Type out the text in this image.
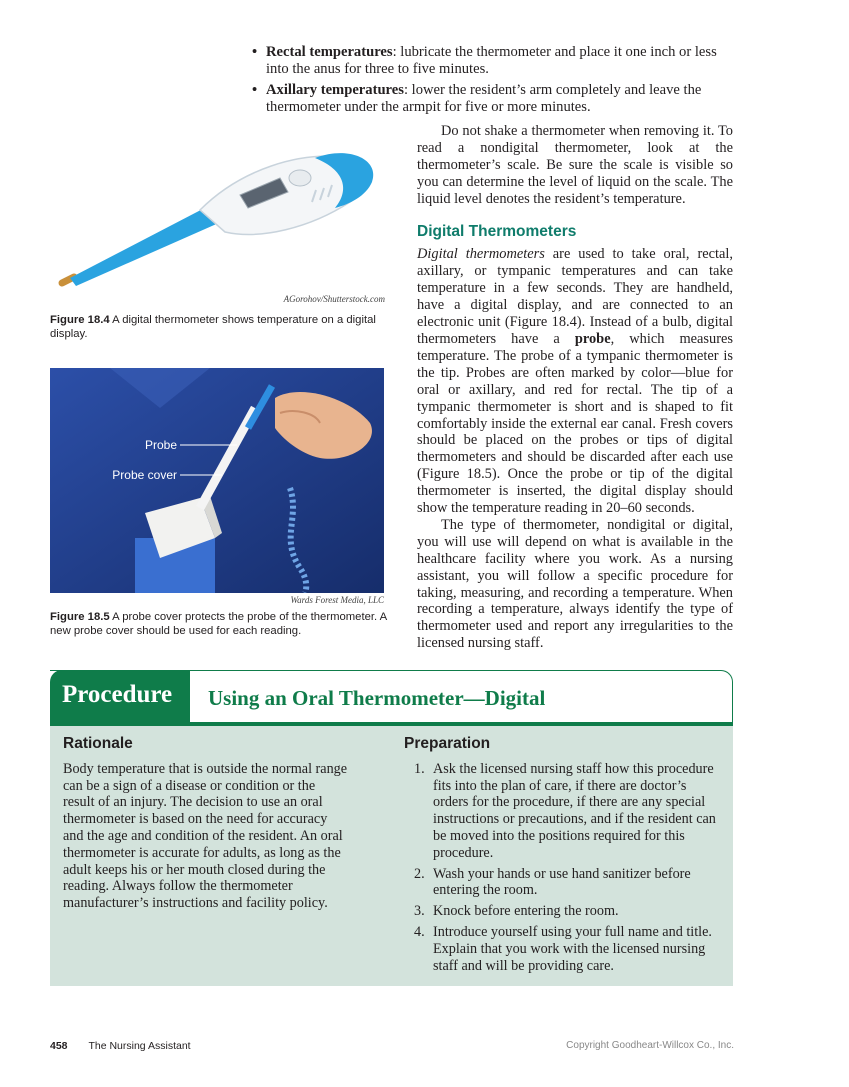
• Rectal temperatures: lubricate the thermometer and place it one inch or less into the anus for three to five minutes.
• Axillary temperatures: lower the resident’s arm completely and leave the thermometer under the armpit for five or more minutes.
AGorohov/Shutterstock.com
Figure 18.4 A digital thermometer shows temperature on a digital display.
Probe
Probe cover
Wards Forest Media, LLC
Figure 18.5 A probe cover protects the probe of the thermometer. A new probe cover should be used for each reading.

Do not shake a thermometer when removing it. To read a nondigital thermometer, look at the thermometer’s scale. Be sure the scale is visible so you can determine the level of liquid on the scale. The liquid level denotes the resident’s temperature.

Digital Thermometers

Digital thermometers are used to take oral, rectal, axillary, or tympanic temperatures and can take temperature in a few seconds. They are handheld, have a digital display, and are connected to an electronic unit (Figure 18.4). Instead of a bulb, digital thermometers have a probe, which measures temperature. The probe of a tympanic thermometer is the tip. Probes are often marked by color—blue for oral or axillary, and red for rectal. The tip of a tympanic thermometer is short and is shaped to fit comfortably inside the external ear canal. Fresh covers should be placed on the probes or tips of digital thermometers and should be discarded after each use (Figure 18.5). Once the probe or tip of the digital thermometer is inserted, the digital display should show the temperature reading in 20–60 seconds.

The type of thermometer, nondigital or digital, you will use will depend on what is available in the healthcare facility where you work. As a nursing assistant, you will follow a specific procedure for taking, measuring, and recording a temperature. When recording a temperature, always identify the type of thermometer used and report any irregularities to the licensed nursing staff.

Procedure Using an Oral Thermometer—Digital
Rationale
Body temperature that is outside the normal range can be a sign of a disease or condition or the result of an injury. The decision to use an oral thermometer is based on the need for accuracy and the age and condition of the resident. An oral thermometer is accurate for adults, as long as the adult keeps his or her mouth closed during the reading. Always follow the thermometer manufacturer’s instructions and facility policy.
Preparation
1. Ask the licensed nursing staff how this procedure fits into the plan of care, if there are doctor’s orders for the procedure, if there are any special instructions or precautions, and if the resident can be moved into the positions required for this procedure.
2. Wash your hands or use hand sanitizer before entering the room.
3. Knock before entering the room.
4. Introduce yourself using your full name and title. Explain that you work with the licensed nursing staff and will be providing care.
458 The Nursing Assistant	Copyright Goodheart-Willcox Co., Inc.
